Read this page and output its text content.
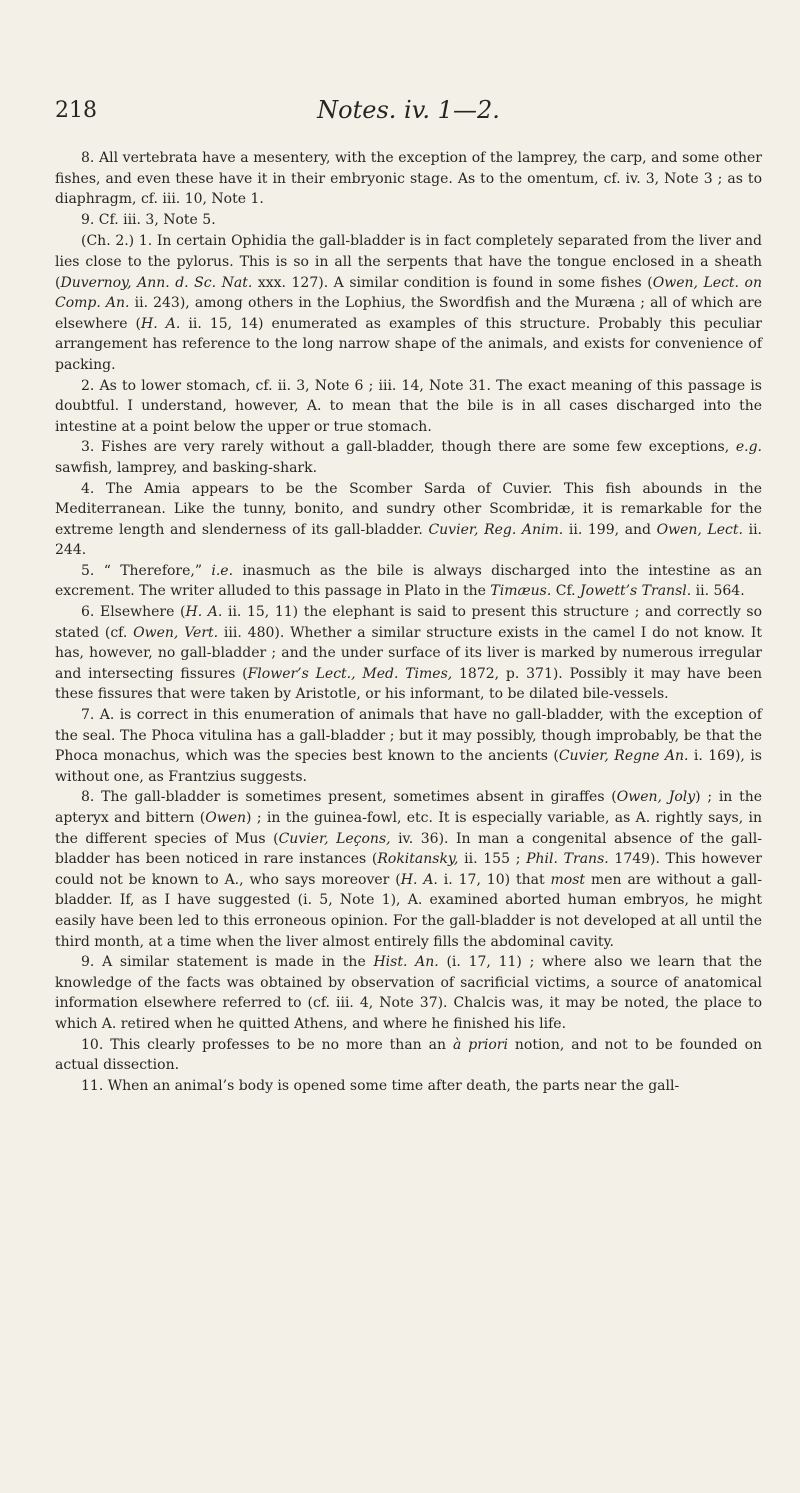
218	Notes. iv. 1—2.

8. All vertebrata have a mesentery, with the exception of the lamprey, the carp, and some other fishes, and even these have it in their embryonic stage. As to the omentum, cf. iv. 3, Note 3 ; as to diaphragm, cf. iii. 10, Note 1.

9. Cf. iii. 3, Note 5.

(Ch. 2.) 1. In certain Ophidia the gall-bladder is in fact completely separated from the liver and lies close to the pylorus. This is so in all the serpents that have the tongue enclosed in a sheath (Duvernoy, Ann. d. Sc. Nat. xxx. 127). A similar condition is found in some fishes (Owen, Lect. on Comp. An. ii. 243), among others in the Lophius, the Swordfish and the Muræna ; all of which are elsewhere (H. A. ii. 15, 14) enumerated as examples of this structure. Probably this peculiar arrangement has reference to the long narrow shape of the animals, and exists for convenience of packing.

2. As to lower stomach, cf. ii. 3, Note 6 ; iii. 14, Note 31. The exact meaning of this passage is doubtful. I understand, however, A. to mean that the bile is in all cases discharged into the intestine at a point below the upper or true stomach.

3. Fishes are very rarely without a gall-bladder, though there are some few exceptions, e.g. sawfish, lamprey, and basking-shark.

4. The Amia appears to be the Scomber Sarda of Cuvier. This fish abounds in the Mediterranean. Like the tunny, bonito, and sundry other Scombridæ, it is remarkable for the extreme length and slenderness of its gall-bladder. Cuvier, Reg. Anim. ii. 199, and Owen, Lect. ii. 244.

5. “ Therefore,” i.e. inasmuch as the bile is always discharged into the intestine as an excrement. The writer alluded to this passage in Plato in the Timæus. Cf. Jowett’s Transl. ii. 564.

6. Elsewhere (H. A. ii. 15, 11) the elephant is said to present this structure ; and correctly so stated (cf. Owen, Vert. iii. 480). Whether a similar structure exists in the camel I do not know. It has, however, no gall-bladder ; and the under surface of its liver is marked by numerous irregular and intersecting fissures (Flower’s Lect., Med. Times, 1872, p. 371). Possibly it may have been these fissures that were taken by Aristotle, or his informant, to be dilated bile-vessels.

7. A. is correct in this enumeration of animals that have no gall-bladder, with the exception of the seal. The Phoca vitulina has a gall-bladder ; but it may possibly, though improbably, be that the Phoca monachus, which was the species best known to the ancients (Cuvier, Regne An. i. 169), is without one, as Frantzius suggests.

8. The gall-bladder is sometimes present, sometimes absent in giraffes (Owen, Joly) ; in the apteryx and bittern (Owen) ; in the guinea-fowl, etc. It is especially variable, as A. rightly says, in the different species of Mus (Cuvier, Leçons, iv. 36). In man a congenital absence of the gall-bladder has been noticed in rare instances (Rokitansky, ii. 155 ; Phil. Trans. 1749). This however could not be known to A., who says moreover (H. A. i. 17, 10) that most men are without a gall-bladder. If, as I have suggested (i. 5, Note 1), A. examined aborted human embryos, he might easily have been led to this erroneous opinion. For the gall-bladder is not developed at all until the third month, at a time when the liver almost entirely fills the abdominal cavity.

9. A similar statement is made in the Hist. An. (i. 17, 11) ; where also we learn that the knowledge of the facts was obtained by observation of sacrificial victims, a source of anatomical information elsewhere referred to (cf. iii. 4, Note 37). Chalcis was, it may be noted, the place to which A. retired when he quitted Athens, and where he finished his life.

10. This clearly professes to be no more than an à priori notion, and not to be founded on actual dissection.

11. When an animal’s body is opened some time after death, the parts near the gall-
